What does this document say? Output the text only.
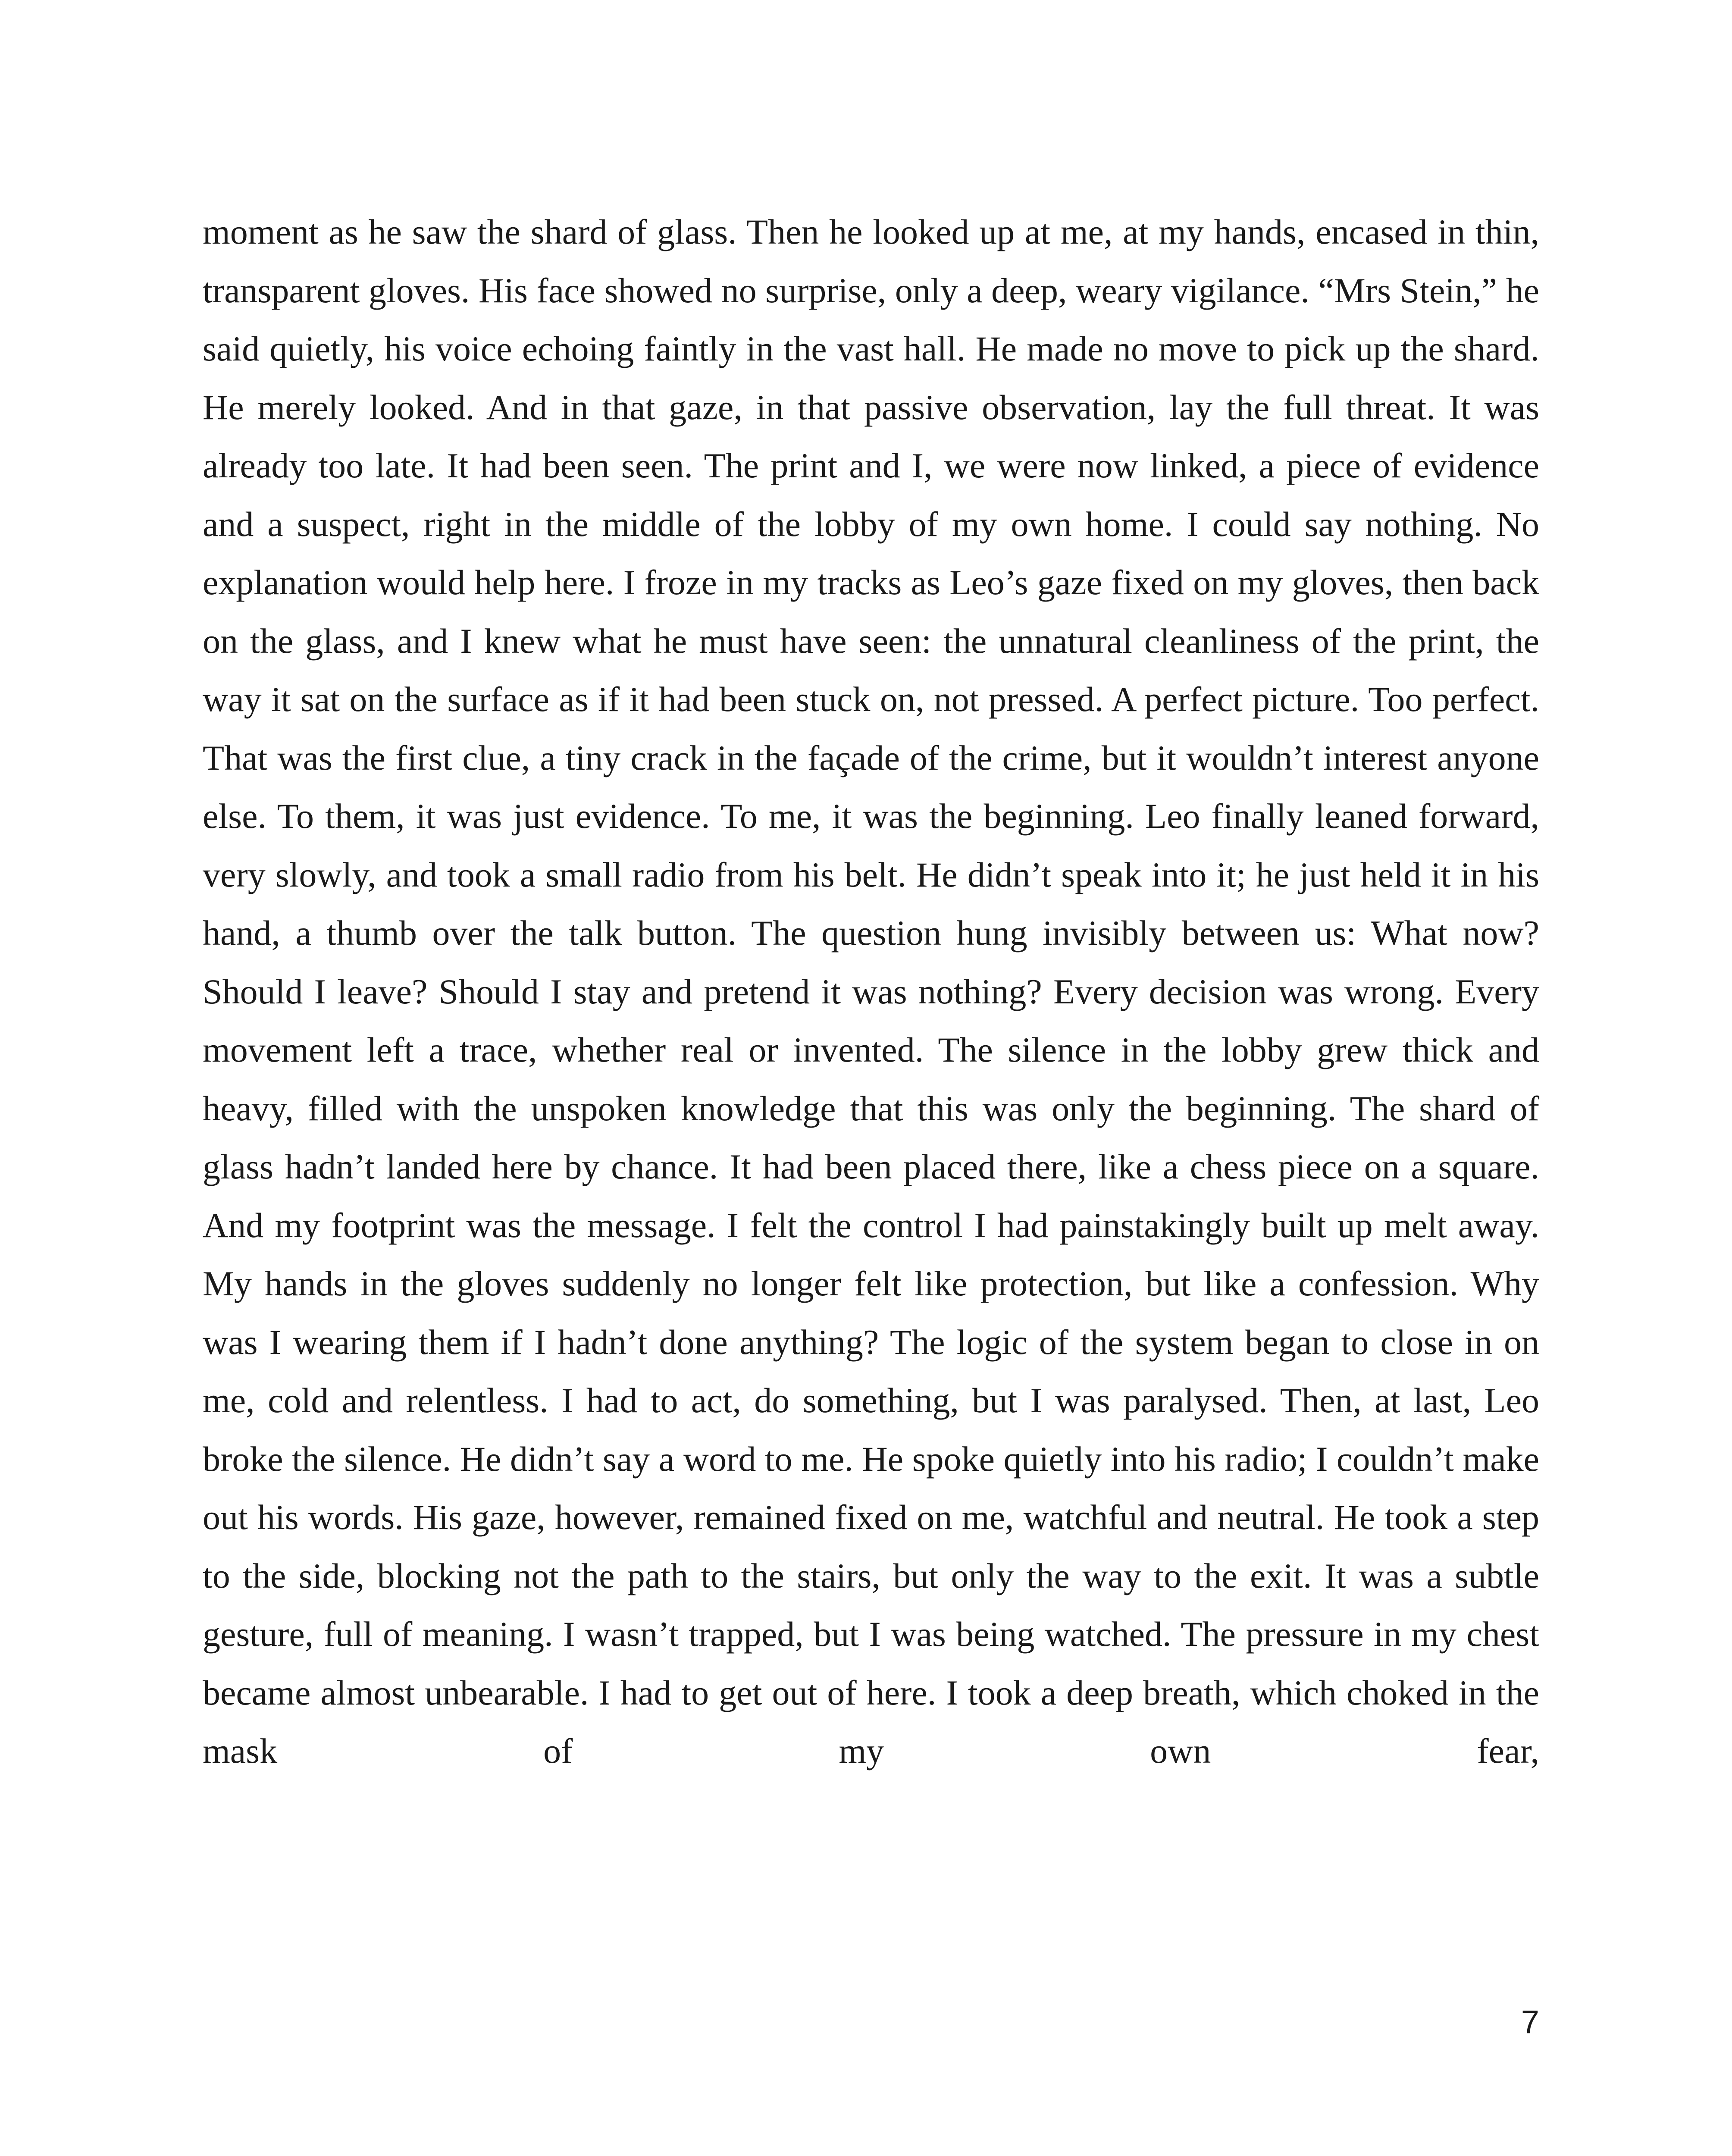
moment as he saw the shard of glass. Then he looked up at me, at my hands, encased in thin, transparent gloves. His face showed no surprise, only a deep, weary vigilance. “Mrs Stein,” he said quietly, his voice echoing faintly in the vast hall. He made no move to pick up the shard. He merely looked. And in that gaze, in that passive observation, lay the full threat. It was already too late. It had been seen. The print and I, we were now linked, a piece of evidence and a suspect, right in the middle of the lobby of my own home. I could say nothing. No explanation would help here. I froze in my tracks as Leo’s gaze fixed on my gloves, then back on the glass, and I knew what he must have seen: the unnatural cleanliness of the print, the way it sat on the surface as if it had been stuck on, not pressed. A perfect picture. Too perfect. That was the first clue, a tiny crack in the façade of the crime, but it wouldn’t interest anyone else. To them, it was just evidence. To me, it was the beginning. Leo finally leaned forward, very slowly, and took a small radio from his belt. He didn’t speak into it; he just held it in his hand, a thumb over the talk button. The question hung invisibly between us: What now? Should I leave? Should I stay and pretend it was nothing? Every decision was wrong. Every movement left a trace, whether real or invented. The silence in the lobby grew thick and heavy, filled with the unspoken knowledge that this was only the beginning. The shard of glass hadn’t landed here by chance. It had been placed there, like a chess piece on a square. And my footprint was the message. I felt the control I had painstakingly built up melt away. My hands in the gloves suddenly no longer felt like protection, but like a confession. Why was I wearing them if I hadn’t done anything? The logic of the system began to close in on me, cold and relentless. I had to act, do something, but I was paralysed. Then, at last, Leo broke the silence. He didn’t say a word to me. He spoke quietly into his radio; I couldn’t make out his words. His gaze, however, remained fixed on me, watchful and neutral. He took a step to the side, blocking not the path to the stairs, but only the way to the exit. It was a subtle gesture, full of meaning. I wasn’t trapped, but I was being watched. The pressure in my chest became almost unbearable. I had to get out of here. I took a deep breath, which choked in the mask of my own fear,

7
